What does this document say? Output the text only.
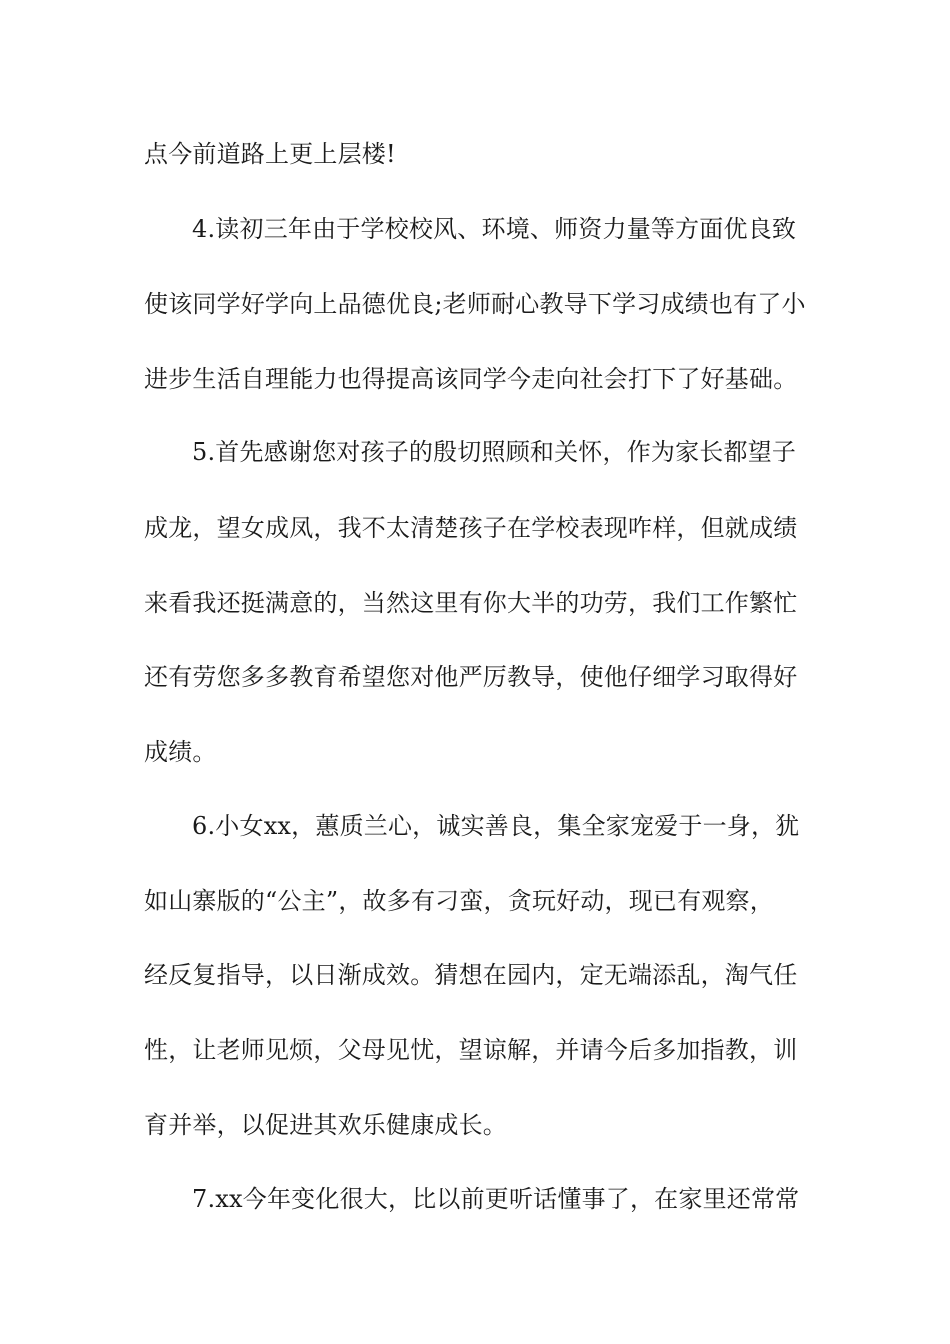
点今前道路上更上层楼!
4.读初三年由于学校校风、环境、师资力量等方面优良致
使该同学好学向上品德优良;老师耐心教导下学习成绩也有了小
进步生活自理能力也得提高该同学今走向社会打下了好基础。
5.首先感谢您对孩子的殷切照顾和关怀，作为家长都望子
成龙，望女成凤，我不太清楚孩子在学校表现咋样，但就成绩
来看我还挺满意的，当然这里有你大半的功劳，我们工作繁忙
还有劳您多多教育希望您对他严厉教导，使他仔细学习取得好
成绩。
6.小女xx，蕙质兰心，诚实善良，集全家宠爱于一身，犹
如山寨版的“公主”，故多有刁蛮，贪玩好动，现已有观察，
经反复指导，以日渐成效。猜想在园内，定无端添乱，淘气任
性，让老师见烦，父母见忧，望谅解，并请今后多加指教，训
育并举，以促进其欢乐健康成长。
7.xx今年变化很大，比以前更听话懂事了，在家里还常常
